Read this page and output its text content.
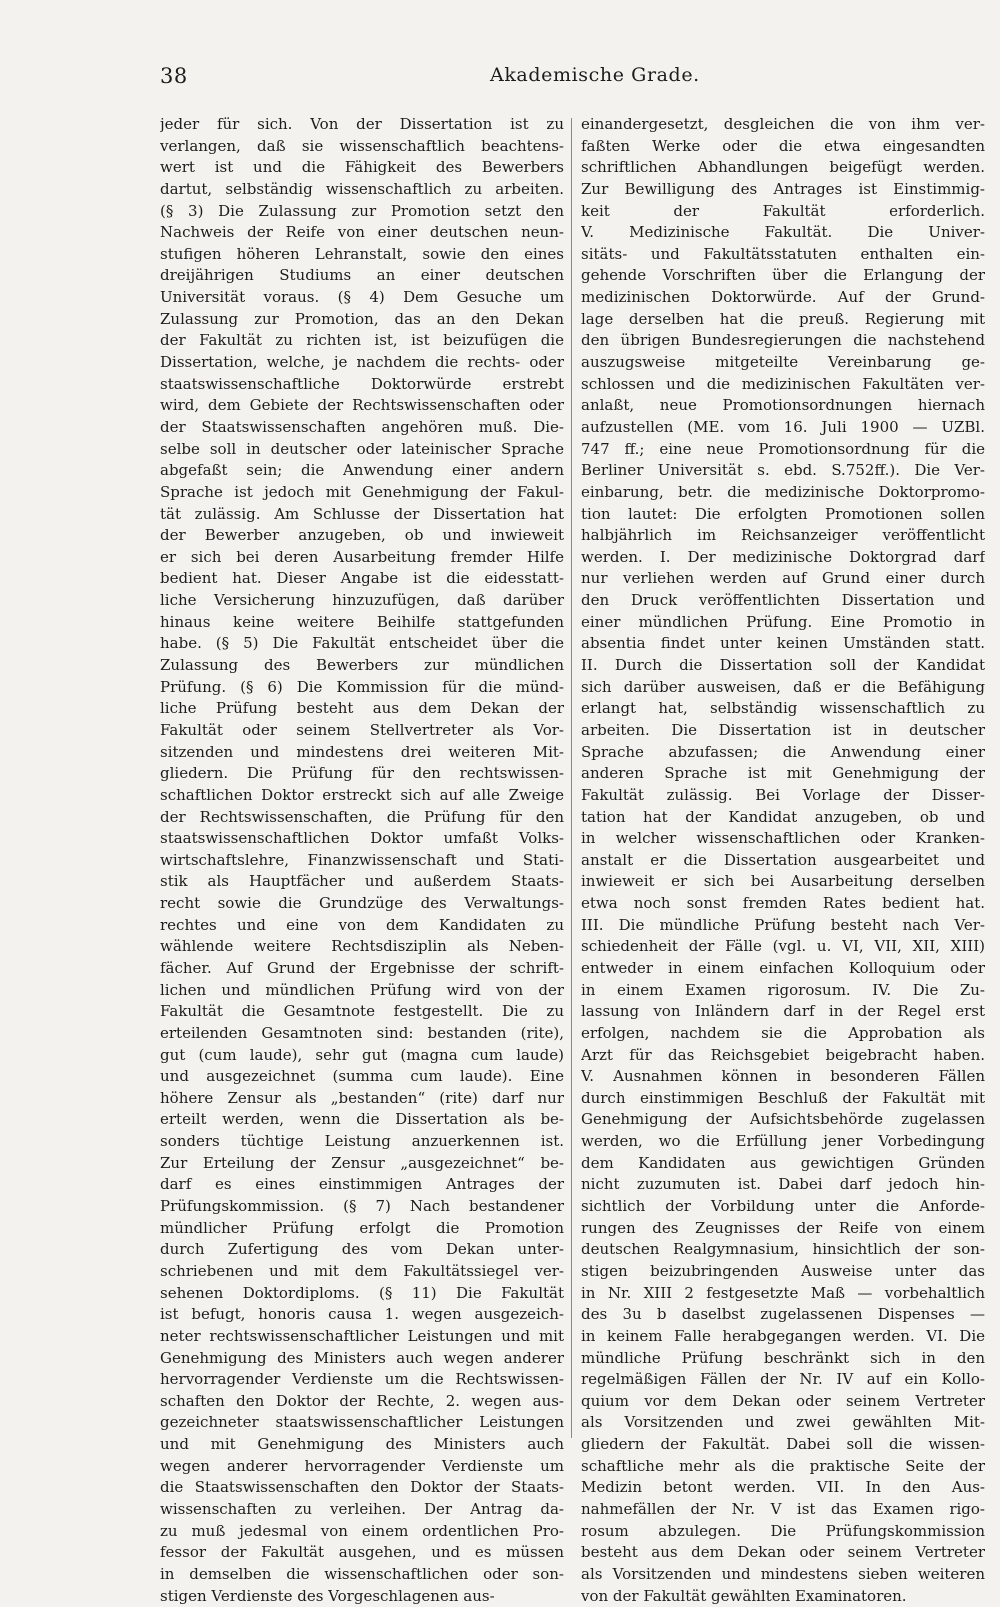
38	Akademische Grade.
jeder für sich. Von der Dissertation ist zu
verlangen, daß sie wissenschaftlich beachtens-
wert ist und die Fähigkeit des Bewerbers
dartut, selbständig wissenschaftlich zu arbeiten.
(§ 3) Die Zulassung zur Promotion setzt den
Nachweis der Reife von einer deutschen neun-
stufigen höheren Lehranstalt, sowie den eines
dreijährigen Studiums an einer deutschen
Universität voraus. (§ 4) Dem Gesuche um
Zulassung zur Promotion, das an den Dekan
der Fakultät zu richten ist, ist beizufügen die
Dissertation, welche, je nachdem die rechts- oder
staatswissenschaftliche Doktorwürde erstrebt
wird, dem Gebiete der Rechtswissenschaften oder
der Staatswissenschaften angehören muß. Die-
selbe soll in deutscher oder lateinischer Sprache
abgefaßt sein; die Anwendung einer andern
Sprache ist jedoch mit Genehmigung der Fakul-
tät zulässig. Am Schlusse der Dissertation hat
der Bewerber anzugeben, ob und inwieweit
er sich bei deren Ausarbeitung fremder Hilfe
bedient hat. Dieser Angabe ist die eidesstatt-
liche Versicherung hinzuzufügen, daß darüber
hinaus keine weitere Beihilfe stattgefunden
habe. (§ 5) Die Fakultät entscheidet über die
Zulassung des Bewerbers zur mündlichen
Prüfung. (§ 6) Die Kommission für die münd-
liche Prüfung besteht aus dem Dekan der
Fakultät oder seinem Stellvertreter als Vor-
sitzenden und mindestens drei weiteren Mit-
gliedern. Die Prüfung für den rechtswissen-
schaftlichen Doktor erstreckt sich auf alle Zweige
der Rechtswissenschaften, die Prüfung für den
staatswissenschaftlichen Doktor umfaßt Volks-
wirtschaftslehre, Finanzwissenschaft und Stati-
stik als Hauptfächer und außerdem Staats-
recht sowie die Grundzüge des Verwaltungs-
rechtes und eine von dem Kandidaten zu
wählende weitere Rechtsdisziplin als Neben-
fächer. Auf Grund der Ergebnisse der schrift-
lichen und mündlichen Prüfung wird von der
Fakultät die Gesamtnote festgestellt. Die zu
erteilenden Gesamtnoten sind: bestanden (rite),
gut (cum laude), sehr gut (magna cum laude)
und ausgezeichnet (summa cum laude). Eine
höhere Zensur als „bestanden“ (rite) darf nur
erteilt werden, wenn die Dissertation als be-
sonders tüchtige Leistung anzuerkennen ist.
Zur Erteilung der Zensur „ausgezeichnet“ be-
darf es eines einstimmigen Antrages der
Prüfungskommission. (§ 7) Nach bestandener
mündlicher Prüfung erfolgt die Promotion
durch Zufertigung des vom Dekan unter-
schriebenen und mit dem Fakultätssiegel ver-
sehenen Doktordiploms. (§ 11) Die Fakultät
ist befugt, honoris causa 1. wegen ausgezeich-
neter rechtswissenschaftlicher Leistungen und mit
Genehmigung des Ministers auch wegen anderer
hervorragender Verdienste um die Rechtswissen-
schaften den Doktor der Rechte, 2. wegen aus-
gezeichneter staatswissenschaftlicher Leistungen
und mit Genehmigung des Ministers auch
wegen anderer hervorragender Verdienste um
die Staatswissenschaften den Doktor der Staats-
wissenschaften zu verleihen. Der Antrag da-
zu muß jedesmal von einem ordentlichen Pro-
fessor der Fakultät ausgehen, und es müssen
in demselben die wissenschaftlichen oder son-
stigen Verdienste des Vorgeschlagenen aus-
einandergesetzt, desgleichen die von ihm ver-
faßten Werke oder die etwa eingesandten
schriftlichen Abhandlungen beigefügt werden.
Zur Bewilligung des Antrages ist Einstimmig-
keit der Fakultät erforderlich.
V. Medizinische Fakultät. Die Univer-
sitäts- und Fakultätsstatuten enthalten ein-
gehende Vorschriften über die Erlangung der
medizinischen Doktorwürde. Auf der Grund-
lage derselben hat die preuß. Regierung mit
den übrigen Bundesregierungen die nachstehend
auszugsweise mitgeteilte Vereinbarung ge-
schlossen und die medizinischen Fakultäten ver-
anlaßt, neue Promotionsordnungen hiernach
aufzustellen (ME. vom 16. Juli 1900 — UZBl.
747 ff.; eine neue Promotionsordnung für die
Berliner Universität s. ebd. S.752ff.). Die Ver-
einbarung, betr. die medizinische Doktorpromo-
tion lautet: Die erfolgten Promotionen sollen
halbjährlich im Reichsanzeiger veröffentlicht
werden. I. Der medizinische Doktorgrad darf
nur verliehen werden auf Grund einer durch
den Druck veröffentlichten Dissertation und
einer mündlichen Prüfung. Eine Promotio in
absentia findet unter keinen Umständen statt.
II. Durch die Dissertation soll der Kandidat
sich darüber ausweisen, daß er die Befähigung
erlangt hat, selbständig wissenschaftlich zu
arbeiten. Die Dissertation ist in deutscher
Sprache abzufassen; die Anwendung einer
anderen Sprache ist mit Genehmigung der
Fakultät zulässig. Bei Vorlage der Disser-
tation hat der Kandidat anzugeben, ob und
in welcher wissenschaftlichen oder Kranken-
anstalt er die Dissertation ausgearbeitet und
inwieweit er sich bei Ausarbeitung derselben
etwa noch sonst fremden Rates bedient hat.
III. Die mündliche Prüfung besteht nach Ver-
schiedenheit der Fälle (vgl. u. VI, VII, XII, XIII)
entweder in einem einfachen Kolloquium oder
in einem Examen rigorosum. IV. Die Zu-
lassung von Inländern darf in der Regel erst
erfolgen, nachdem sie die Approbation als
Arzt für das Reichsgebiet beigebracht haben.
V. Ausnahmen können in besonderen Fällen
durch einstimmigen Beschluß der Fakultät mit
Genehmigung der Aufsichtsbehörde zugelassen
werden, wo die Erfüllung jener Vorbedingung
dem Kandidaten aus gewichtigen Gründen
nicht zuzumuten ist. Dabei darf jedoch hin-
sichtlich der Vorbildung unter die Anforde-
rungen des Zeugnisses der Reife von einem
deutschen Realgymnasium, hinsichtlich der son-
stigen beizubringenden Ausweise unter das
in Nr. XIII 2 festgesetzte Maß — vorbehaltlich
des 3u b daselbst zugelassenen Dispenses —
in keinem Falle herabgegangen werden. VI. Die
mündliche Prüfung beschränkt sich in den
regelmäßigen Fällen der Nr. IV auf ein Kollo-
quium vor dem Dekan oder seinem Vertreter
als Vorsitzenden und zwei gewählten Mit-
gliedern der Fakultät. Dabei soll die wissen-
schaftliche mehr als die praktische Seite der
Medizin betont werden. VII. In den Aus-
nahmefällen der Nr. V ist das Examen rigo-
rosum abzulegen. Die Prüfungskommission
besteht aus dem Dekan oder seinem Vertreter
als Vorsitzenden und mindestens sieben weiteren
von der Fakultät gewählten Examinatoren.
